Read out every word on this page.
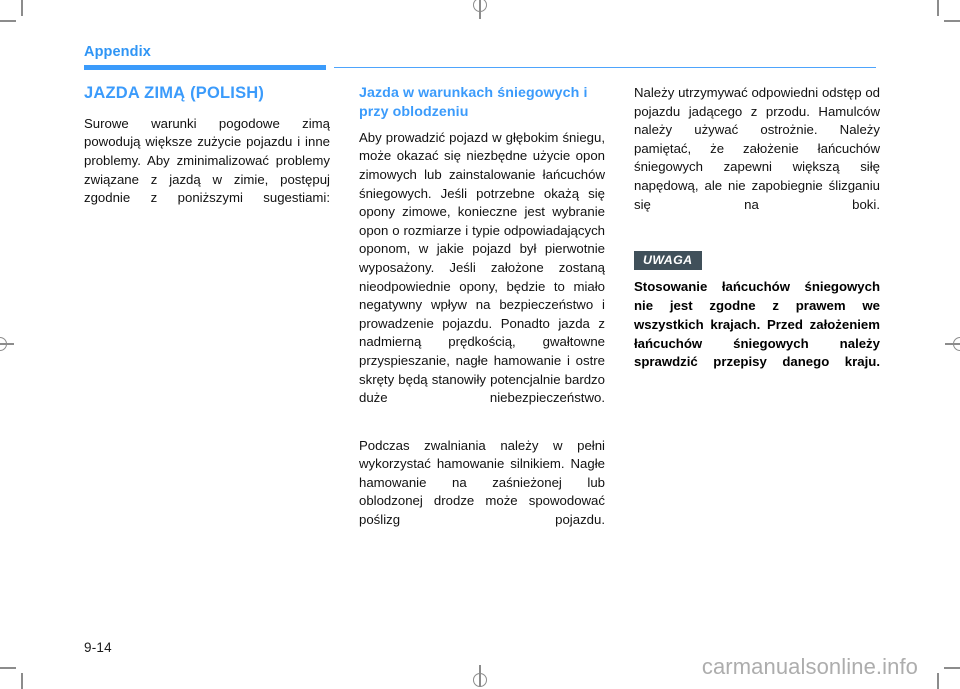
Appendix
JAZDA ZIMĄ (POLISH)

Surowe warunki pogodowe zimą powodują większe zużycie pojazdu i inne problemy. Aby zminimalizować problemy związane z jazdą w zimie, postępuj zgodnie z poniższymi sugestiami:

Jazda w warunkach śniegowych i przy oblodzeniu

Aby prowadzić pojazd w głębokim śniegu, może okazać się niezbędne użycie opon zimowych lub zainstalowanie łańcuchów śniegowych. Jeśli potrzebne okażą się opony zimowe, konieczne jest wybranie opon o rozmiarze i typie odpowiadających oponom, w jakie pojazd był pierwotnie wyposażony. Jeśli założone zostaną nieodpowiednie opony, będzie to miało negatywny wpływ na bezpieczeństwo i prowadzenie pojazdu. Ponadto jazda z nadmierną prędkością, gwałtowne przyspieszanie, nagłe hamowanie i ostre skręty będą stanowiły potencjalnie bardzo duże niebezpieczeństwo.

Podczas zwalniania należy w pełni wykorzystać hamowanie silnikiem. Nagłe hamowanie na zaśnieżonej lub oblodzonej drodze może spowodować poślizg pojazdu.

Należy utrzymywać odpowiedni odstęp od pojazdu jadącego z przodu. Hamulców należy używać ostrożnie. Należy pamiętać, że założenie łańcuchów śniegowych zapewni większą siłę napędową, ale nie zapobiegnie ślizganiu się na boki.

UWAGA

Stosowanie łańcuchów śniegowych nie jest zgodne z prawem we wszystkich krajach. Przed założeniem łańcuchów śniegowych należy sprawdzić przepisy danego kraju.

9-14
carmanualsonline.info
